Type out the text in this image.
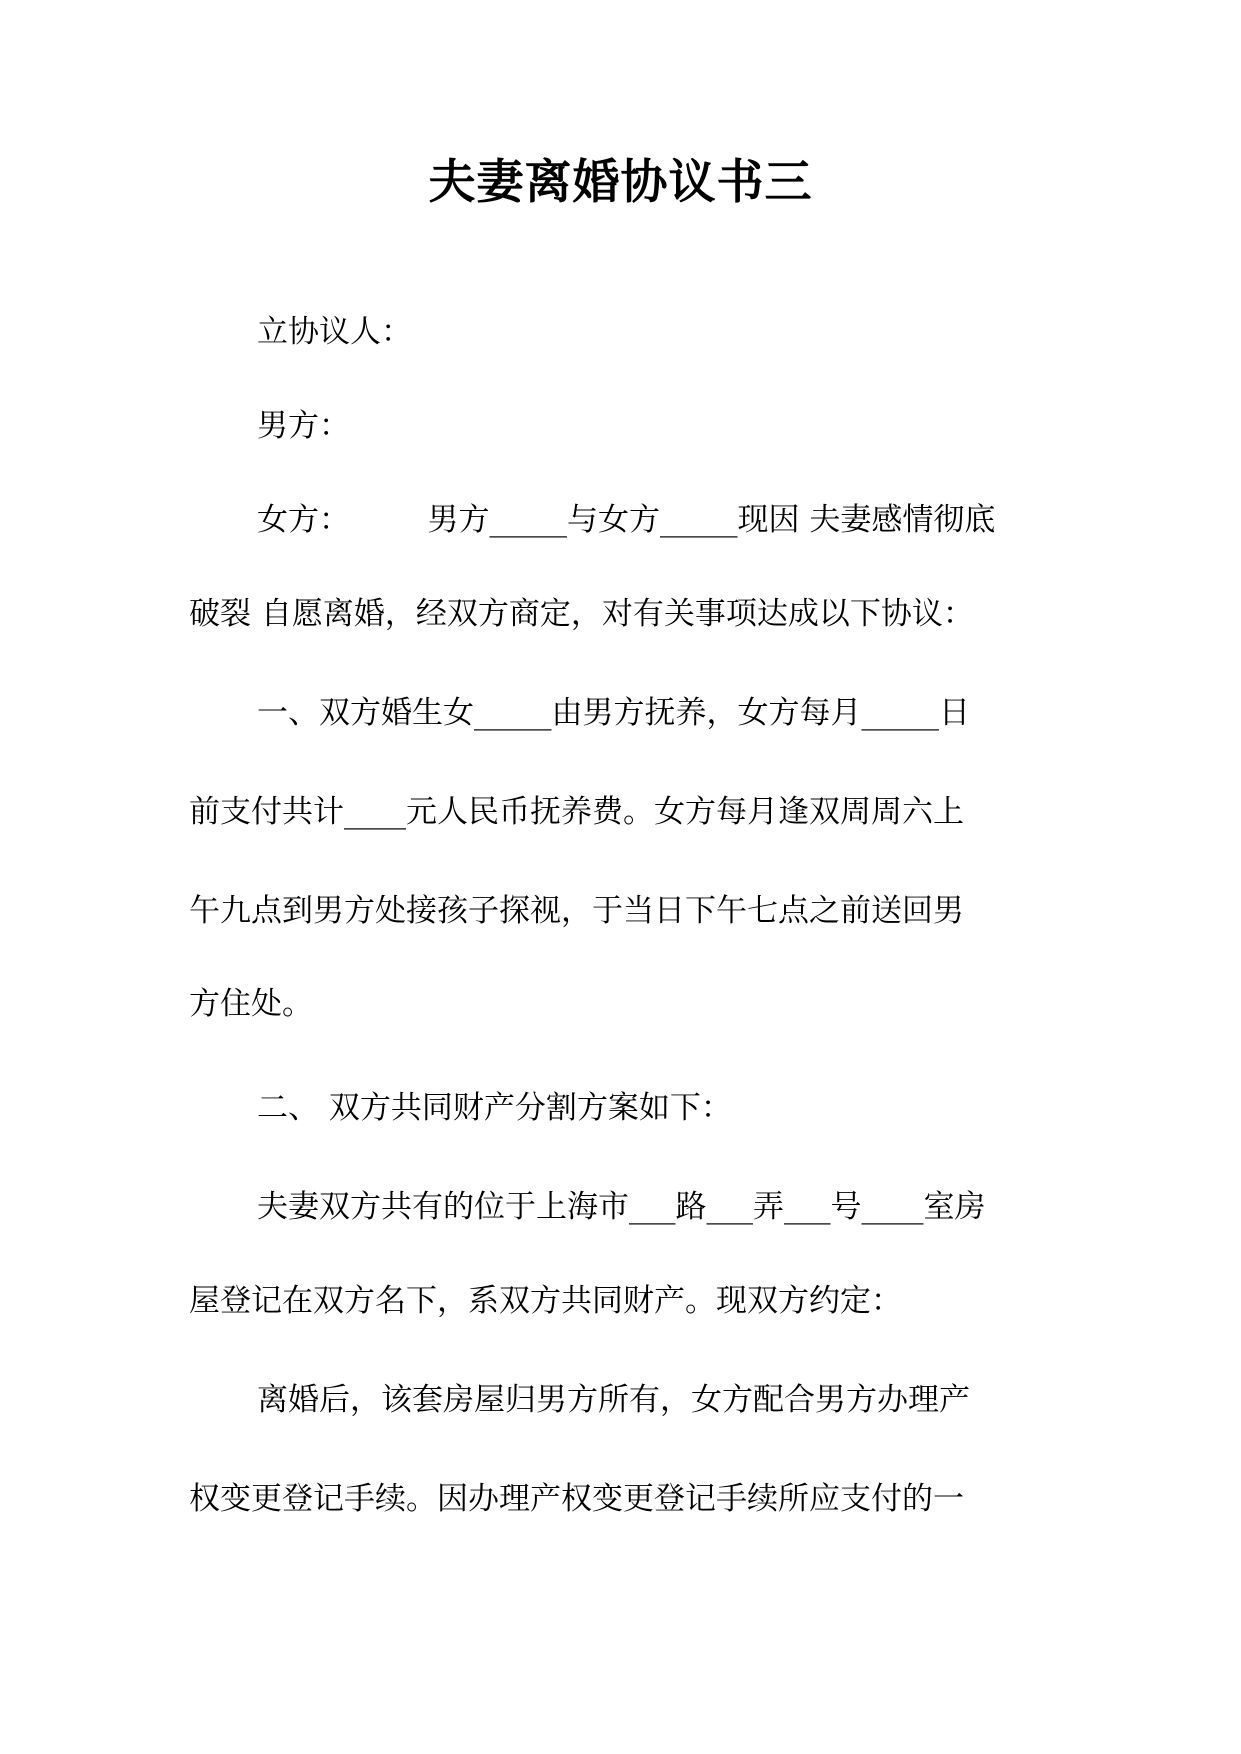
夫妻离婚协议书三
立协议人：
男方：
女方：　　　男方_____与女方_____现因 夫妻感情彻底
破裂 自愿离婚，经双方商定，对有关事项达成以下协议：
一、双方婚生女_____由男方抚养，女方每月_____日
前支付共计____元人民币抚养费。女方每月逢双周周六上
午九点到男方处接孩子探视，于当日下午七点之前送回男
方住处。
二、 双方共同财产分割方案如下：
夫妻双方共有的位于上海市___路___弄___号____室房
屋登记在双方名下，系双方共同财产。现双方约定：
离婚后，该套房屋归男方所有，女方配合男方办理产
权变更登记手续。因办理产权变更登记手续所应支付的一
